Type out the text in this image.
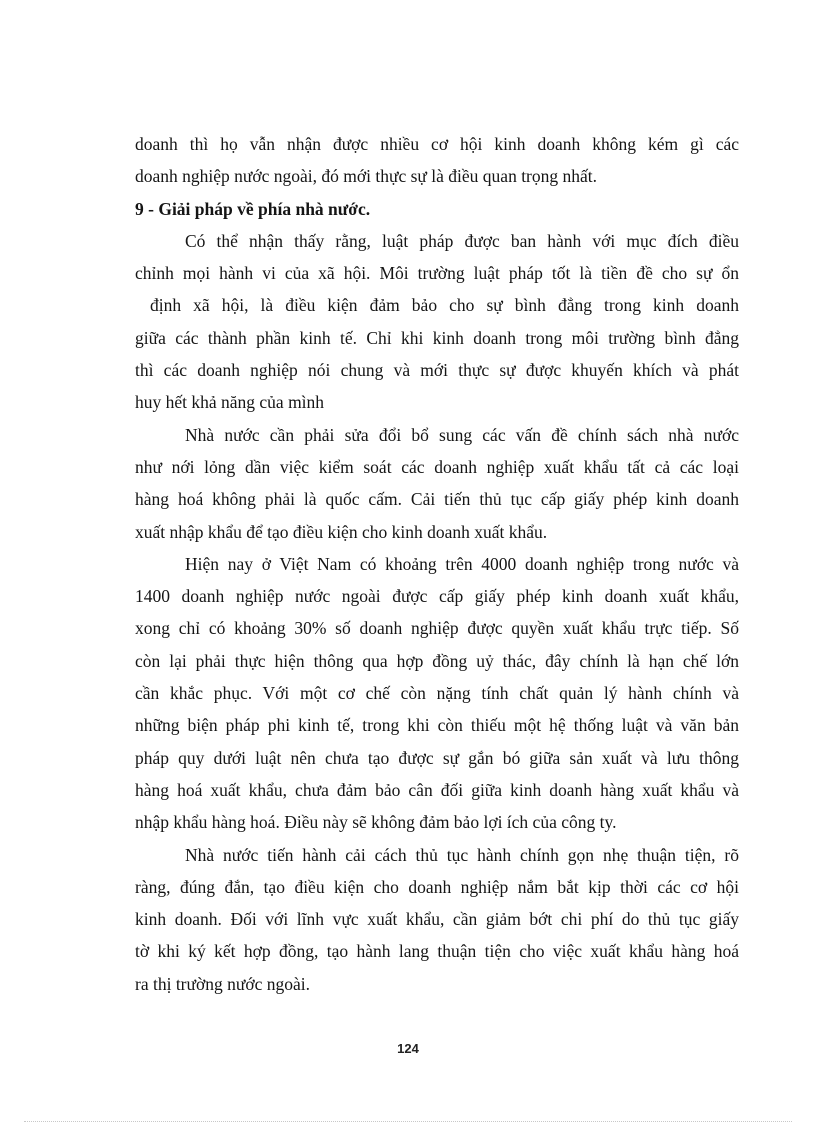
doanh thì họ vẫn nhận được nhiều cơ hội kinh doanh không kém gì các
doanh nghiệp nước ngoài, đó mới thực sự là điều quan trọng nhất.
9 - Giải pháp về phía nhà nước.
Có thể nhận thấy rằng, luật pháp được ban hành với mục đích điều
chỉnh mọi hành vi của xã hội. Môi trường luật pháp tốt là tiền đề cho sự ổn
định xã hội, là điều kiện đảm bảo cho sự bình đẳng trong kinh doanh
giữa các thành phần kinh tế. Chỉ khi kinh doanh trong môi trường bình đẳng
thì các doanh nghiệp nói chung và mới thực sự được khuyến khích và phát
huy hết khả năng của mình
Nhà nước cần phải sửa đổi bổ sung các vấn đề chính sách nhà nước
như nới lỏng dần việc kiểm soát các doanh nghiệp xuất khẩu tất cả các loại
hàng hoá không phải là quốc cấm. Cải tiến thủ tục cấp giấy phép kinh doanh
xuất nhập khẩu để tạo điều kiện cho kinh doanh xuất khẩu.
Hiện nay ở Việt Nam có khoảng trên 4000 doanh nghiệp trong nước và
1400 doanh nghiệp nước ngoài được cấp giấy phép kinh doanh xuất khẩu,
xong chỉ có khoảng 30% số doanh nghiệp được quyền xuất khẩu trực tiếp. Số
còn lại phải thực hiện thông qua hợp đồng uỷ thác, đây chính là hạn chế lớn
cần khắc phục. Với một cơ chế còn nặng tính chất quản lý hành chính và
những biện pháp phi kinh tế, trong khi còn thiếu một hệ thống luật và văn bản
pháp quy dưới luật nên chưa tạo được sự gắn bó giữa sản xuất và lưu thông
hàng hoá xuất khẩu, chưa đảm bảo cân đối giữa kinh doanh hàng xuất khẩu và
nhập khẩu hàng hoá. Điều này sẽ không đảm bảo lợi ích của công ty.
Nhà nước tiến hành cải cách thủ tục hành chính gọn nhẹ thuận tiện, rõ
ràng, đúng đắn, tạo điều kiện cho doanh nghiệp nắm bắt kịp thời các cơ hội
kinh doanh. Đối với lĩnh vực xuất khẩu, cần giảm bớt chi phí do thủ tục giấy
tờ khi ký kết hợp đồng, tạo hành lang thuận tiện cho việc xuất khẩu hàng hoá
ra thị trường nước ngoài.
124
